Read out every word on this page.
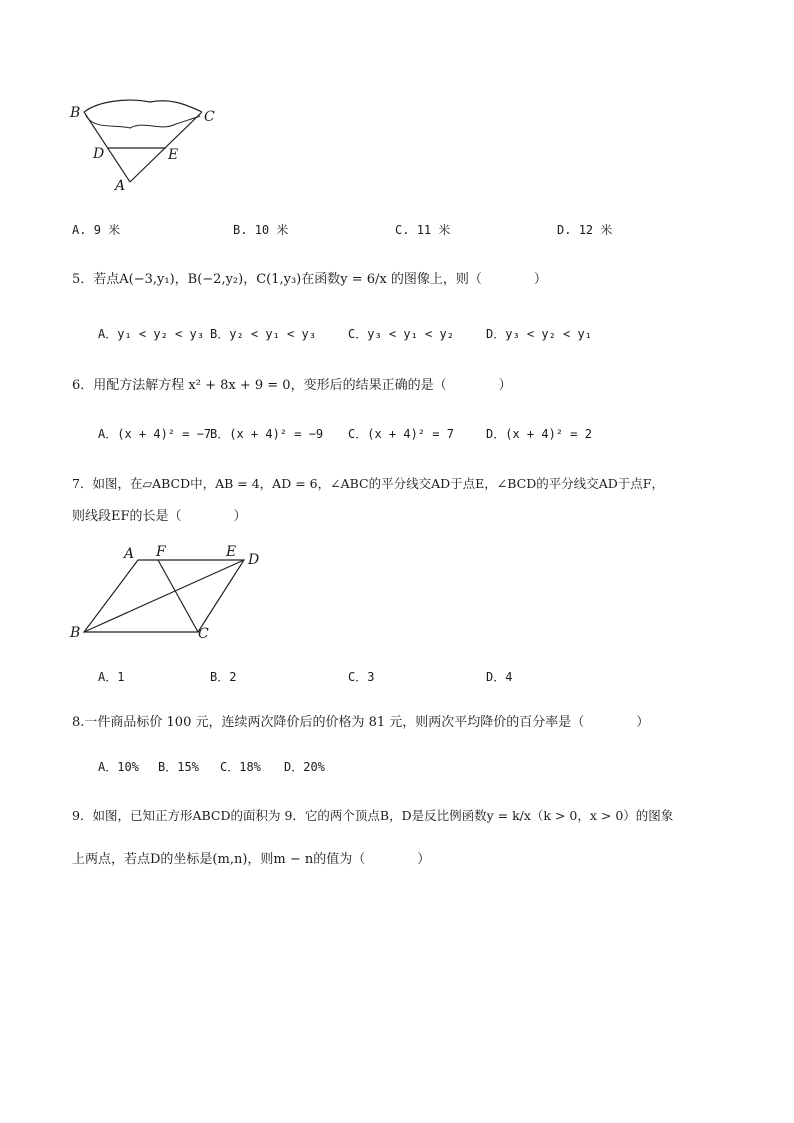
B	C
D	E
A
A. 9 米	B. 10 米	C. 11 米	D. 12 米
5．若点A(−3,y₁)，B(−2,y₂)，C(1,y₃)在函数y = 6/x 的图像上，则（　　　　）
A．y₁ < y₂ < y₃ B．y₂ < y₁ < y₃	C．y₃ < y₁ < y₂	D．y₃ < y₂ < y₁
6．用配方法解方程 x² + 8x + 9 = 0，变形后的结果正确的是（　　　　）
A．(x + 4)² = −7
B．(x + 4)² = −9 C．(x + 4)² = 7	D．(x + 4)² = 2
7．如图，在▱ABCD中，AB = 4，AD = 6，∠ABC的平分线交AD于点E，∠BCD的平分线交AD于点F，
则线段EF的长是（　　　　）
A F	E D
B	C
A．1	B．2	C．3	D．4
8.一件商品标价 100 元，连续两次降价后的价格为 81 元，则两次平均降价的百分率是（　　　　）
A．10% B．15% C．18% D．20%
9．如图，已知正方形ABCD的面积为 9．它的两个顶点B，D是反比例函数y = k/x（k > 0，x > 0）的图象
上两点，若点D的坐标是(m,n)，则m − n的值为（　　　　）
